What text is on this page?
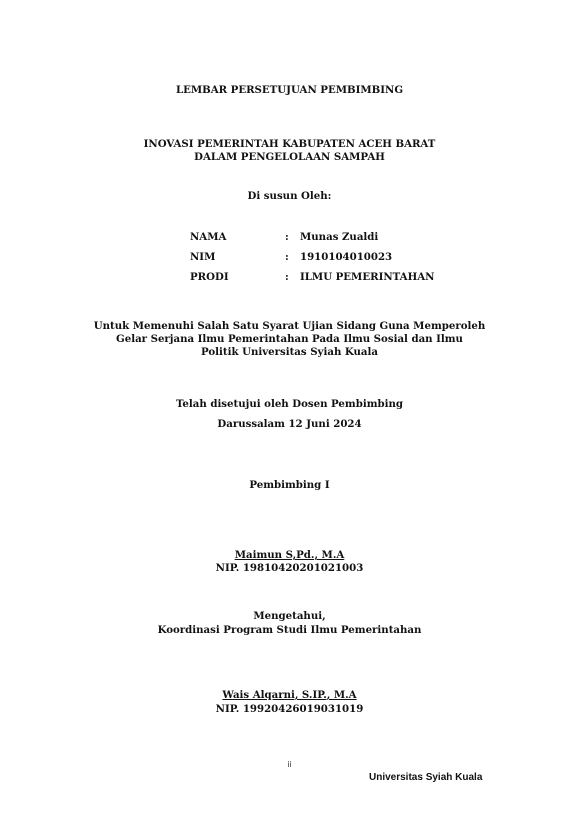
LEMBAR PERSETUJUAN PEMBIMBING
INOVASI PEMERINTAH KABUPATEN ACEH BARAT
DALAM PENGELOLAAN SAMPAH
Di susun Oleh:
NAMA	: Munas Zualdi
NIM	: 1910104010023
PRODI	: ILMU PEMERINTAHAN
Untuk Memenuhi Salah Satu Syarat Ujian Sidang Guna Memperoleh
Gelar Serjana Ilmu Pemerintahan Pada Ilmu Sosial dan Ilmu
Politik Universitas Syiah Kuala
Telah disetujui oleh Dosen Pembimbing
Darussalam 12 Juni 2024
Pembimbing I
Maimun S,Pd., M.A
NIP. 19810420201021003
Mengetahui,
Koordinasi Program Studi Ilmu Pemerintahan
Wais Alqarni, S.IP., M.A
NIP. 19920426019031019
ii
Universitas Syiah Kuala
